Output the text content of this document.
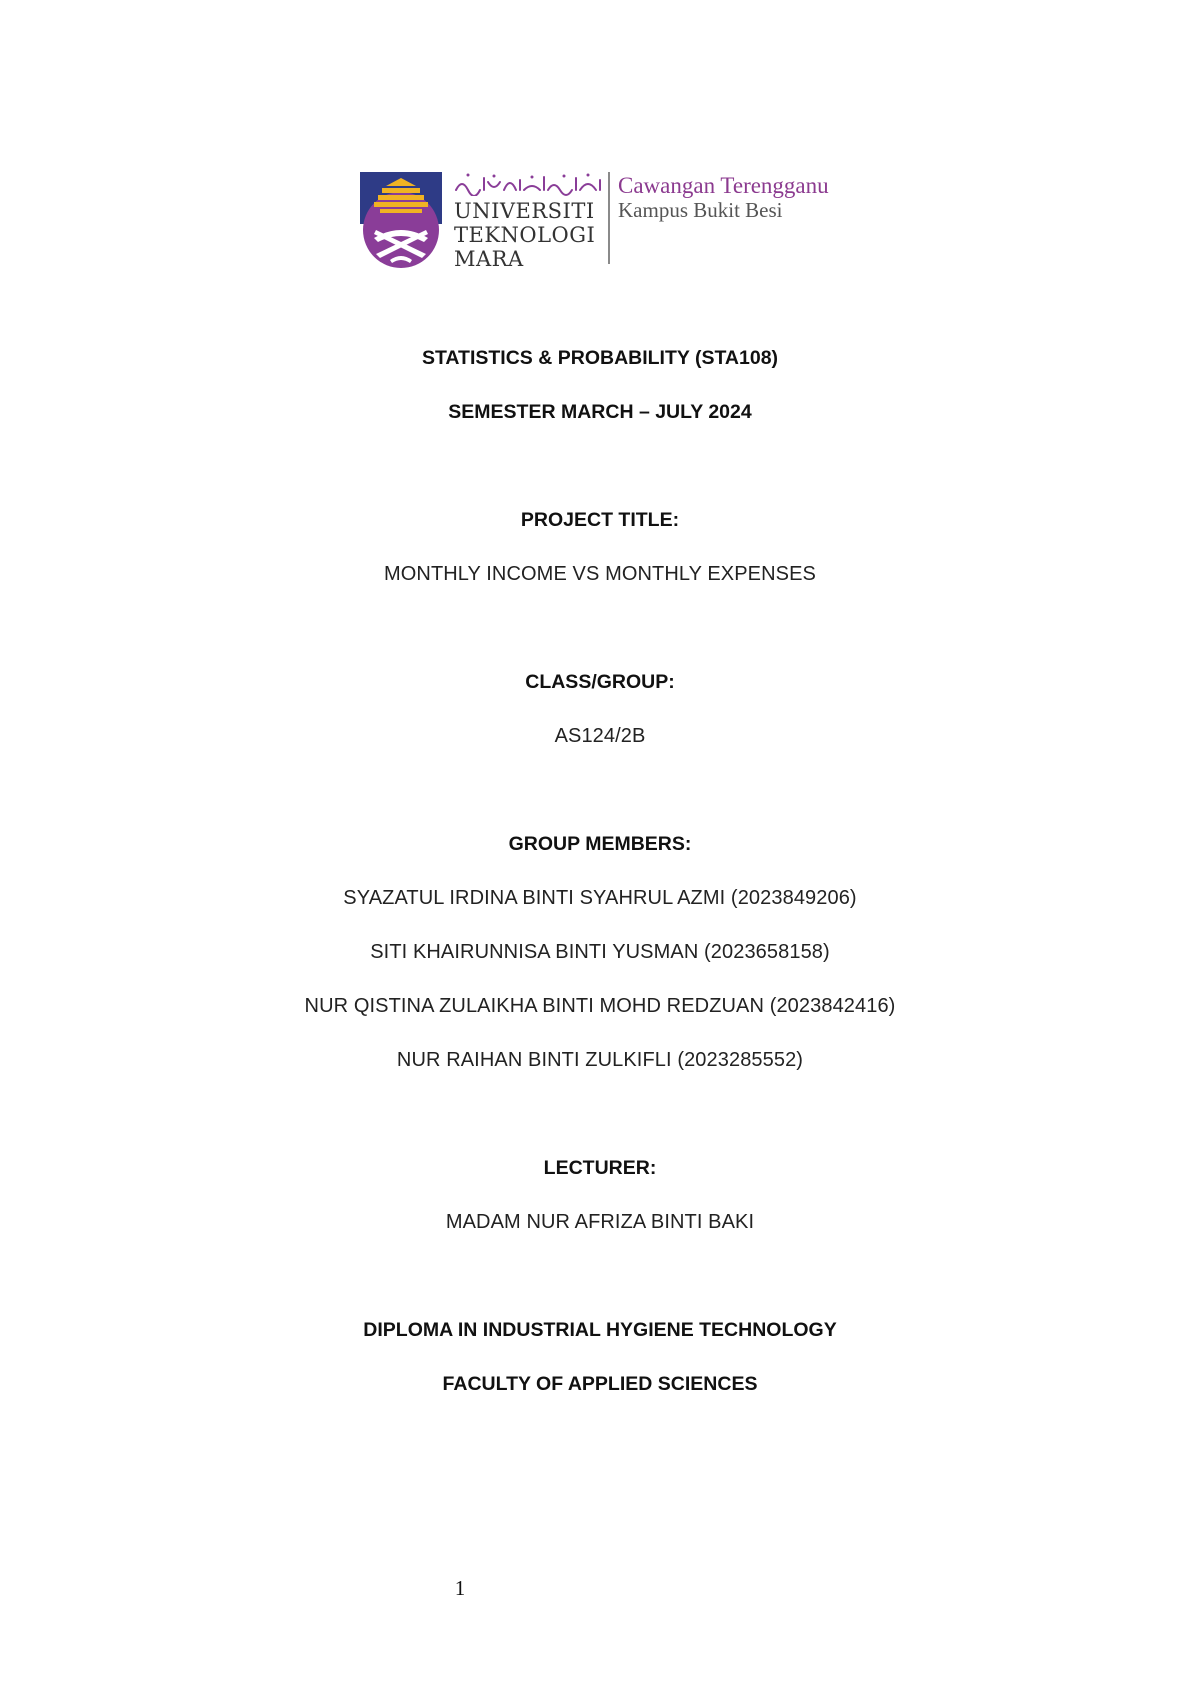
UNIVERSITI
TEKNOLOGI
MARA
Cawangan Terengganu
Kampus Bukit Besi
STATISTICS & PROBABILITY (STA108)
SEMESTER MARCH – JULY 2024
PROJECT TITLE:
MONTHLY INCOME VS MONTHLY EXPENSES
CLASS/GROUP:
AS124/2B
GROUP MEMBERS:
SYAZATUL IRDINA BINTI SYAHRUL AZMI (2023849206)
SITI KHAIRUNNISA BINTI YUSMAN (2023658158)
NUR QISTINA ZULAIKHA BINTI MOHD REDZUAN (2023842416)
NUR RAIHAN BINTI ZULKIFLI (2023285552)
LECTURER:
MADAM NUR AFRIZA BINTI BAKI
DIPLOMA IN INDUSTRIAL HYGIENE TECHNOLOGY
FACULTY OF APPLIED SCIENCES
1
